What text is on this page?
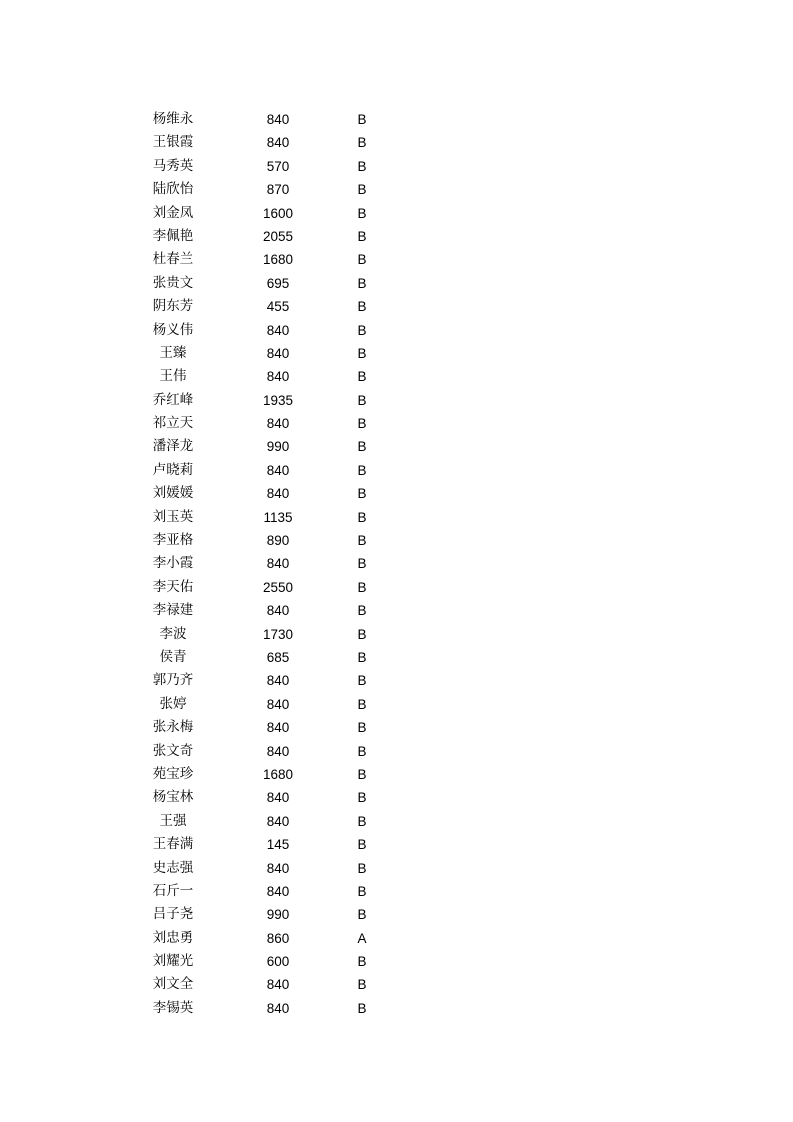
杨维永	840	B
王银霞	840	B
马秀英	570	B
陆欣怡	870	B
刘金凤	1600	B
李佩艳	2055	B
杜春兰	1680	B
张贵文	695	B
阴东芳	455	B
杨义伟	840	B
王臻	840	B
王伟	840	B
乔红峰	1935	B
祁立天	840	B
潘泽龙	990	B
卢晓莉	840	B
刘媛媛	840	B
刘玉英	1135	B
李亚格	890	B
李小霞	840	B
李天佑	2550	B
李禄建	840	B
李波	1730	B
侯青	685	B
郭乃齐	840	B
张婷	840	B
张永梅	840	B
张文奇	840	B
苑宝珍	1680	B
杨宝林	840	B
王强	840	B
王春满	145	B
史志强	840	B
石斤一	840	B
吕子尧	990	B
刘忠勇	860	A
刘耀光	600	B
刘文全	840	B
李锡英	840	B
